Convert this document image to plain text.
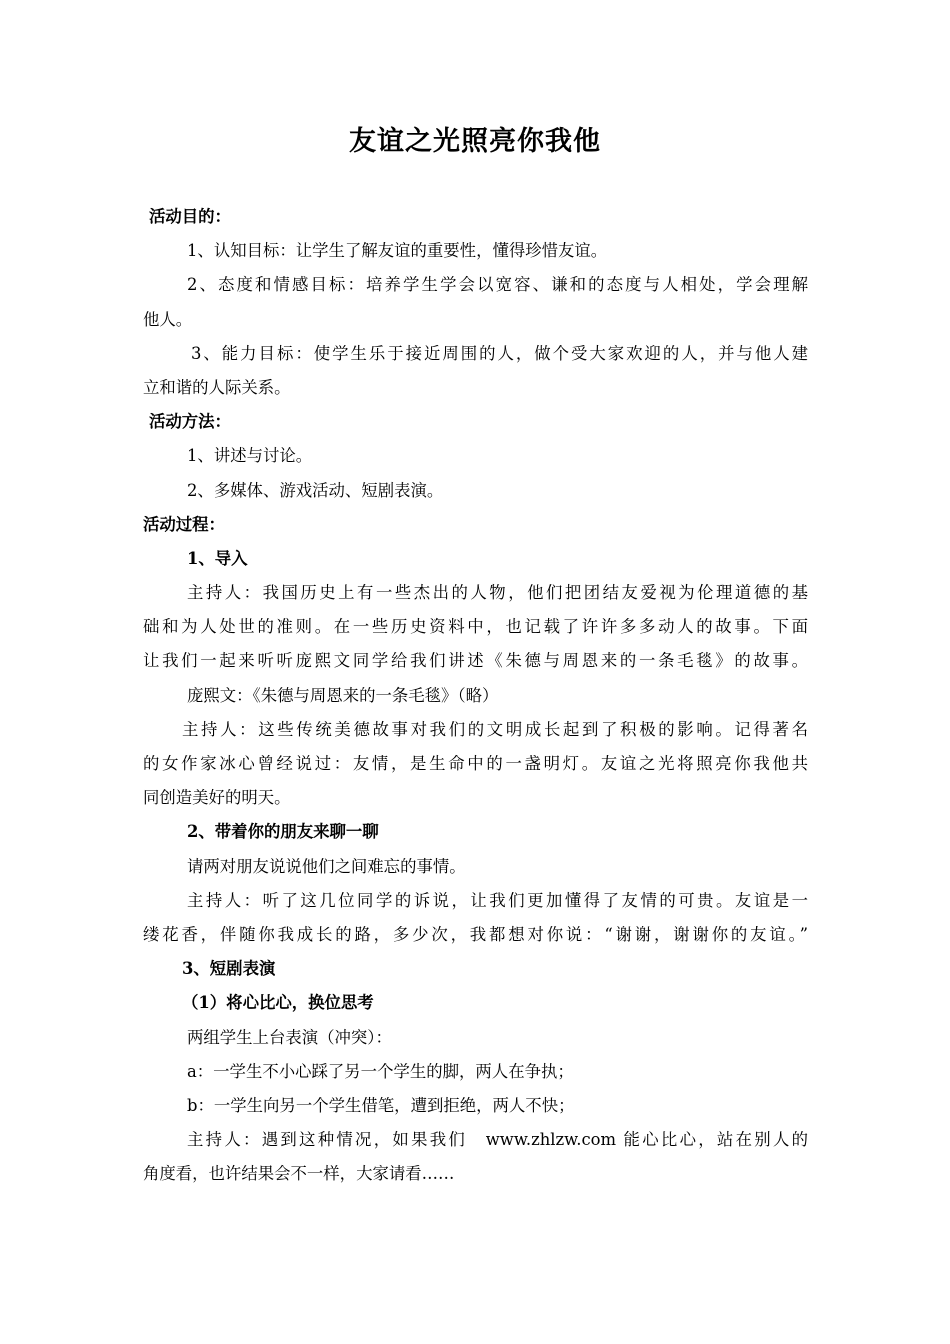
友谊之光照亮你我他
活动目的：
1、认知目标：让学生了解友谊的重要性，懂得珍惜友谊。
2、态度和情感目标：培养学生学会以宽容、谦和的态度与人相处，学会理解
他人。
3、能力目标：使学生乐于接近周围的人，做个受大家欢迎的人，并与他人建
立和谐的人际关系。
活动方法：
1、讲述与讨论。
2、多媒体、游戏活动、短剧表演。
活动过程：
1、导入
主持人：我国历史上有一些杰出的人物，他们把团结友爱视为伦理道德的基
础和为人处世的准则。在一些历史资料中，也记载了许许多多动人的故事。下面
让我们一起来听听庞熙文同学给我们讲述《朱德与周恩来的一条毛毯》的故事。
庞熙文：《朱德与周恩来的一条毛毯》（略）
主持人：这些传统美德故事对我们的文明成长起到了积极的影响。记得著名
的女作家冰心曾经说过：友情，是生命中的一盏明灯。友谊之光将照亮你我他共
同创造美好的明天。
2、带着你的朋友来聊一聊
请两对朋友说说他们之间难忘的事情。
主持人：听了这几位同学的诉说，让我们更加懂得了友情的可贵。友谊是一
缕花香，伴随你我成长的路，多少次，我都想对你说：“谢谢，谢谢你的友谊。”
3、短剧表演
（1）将心比心，换位思考
两组学生上台表演（冲突）：
a：一学生不小心踩了另一个学生的脚，两人在争执；
b：一学生向另一个学生借笔，遭到拒绝，两人不快；
主持人：遇到这种情况，如果我们　www.zhlzw.com 能心比心，站在别人的
角度看，也许结果会不一样，大家请看……
